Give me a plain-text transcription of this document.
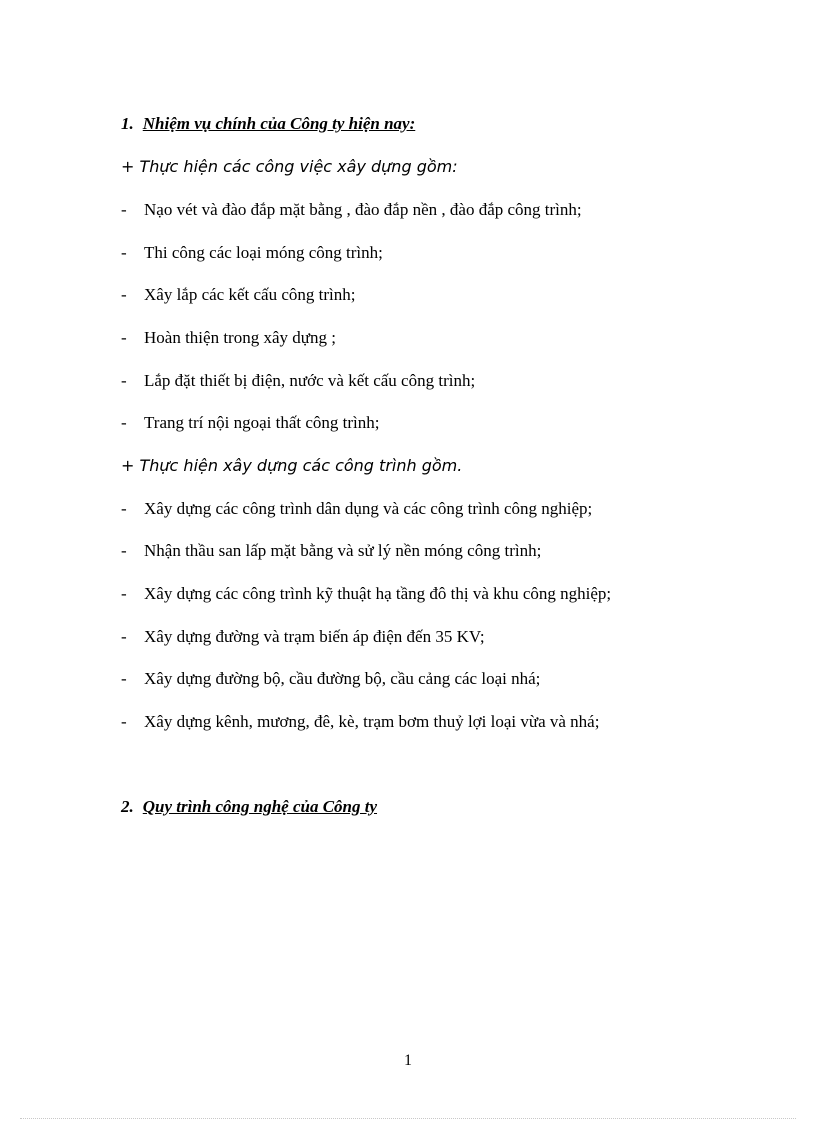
1. Nhiệm vụ chính của Công ty hiện nay:
+ Thực hiện các công việc xây dựng gồm:
- Nạo vét và đào đắp mặt bằng , đào đắp nền , đào đắp công trình;
- Thi công các loại móng công trình;
- Xây lắp các kết cấu công trình;
- Hoàn thiện trong xây dựng ;
- Lắp đặt thiết bị điện, nước và kết cấu công trình;
- Trang trí nội ngoại thất công trình;
+ Thực hiện xây dựng các công trình gồm.
- Xây dựng các công trình dân dụng và các công trình công nghiệp;
- Nhận thầu san lấp mặt bằng và sử lý nền móng công trình;
- Xây dựng các công trình kỹ thuật hạ tầng đô thị và khu công nghiệp;
- Xây dựng đường và trạm biến áp điện đến 35 KV;
- Xây dựng đường bộ, cầu đường bộ, cầu cảng các loại nhá;
- Xây dựng kênh, mương, đê, kè, trạm bơm thuỷ lợi loại vừa và nhá;
2. Quy trình công nghệ của Công ty
1
